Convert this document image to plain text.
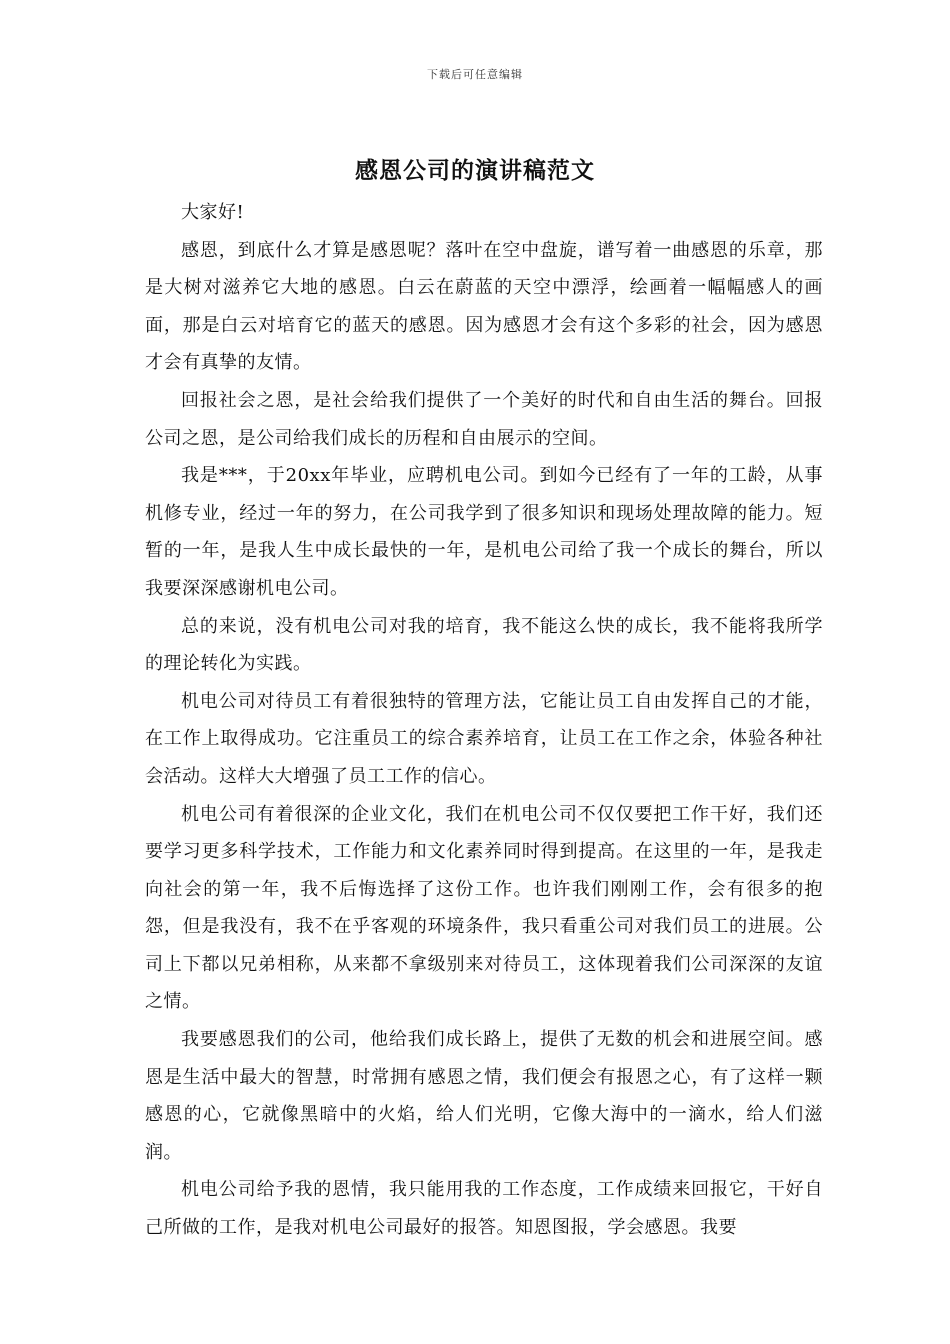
下载后可任意编辑
感恩公司的演讲稿范文

大家好!

感恩，到底什么才算是感恩呢？落叶在空中盘旋，谱写着一曲感恩的乐章，那是大树对滋养它大地的感恩。白云在蔚蓝的天空中漂浮，绘画着一幅幅感人的画面，那是白云对培育它的蓝天的感恩。因为感恩才会有这个多彩的社会，因为感恩才会有真挚的友情。

回报社会之恩，是社会给我们提供了一个美好的时代和自由生活的舞台。回报公司之恩，是公司给我们成长的历程和自由展示的空间。

我是***，于20xx年毕业，应聘机电公司。到如今已经有了一年的工龄，从事机修专业，经过一年的努力，在公司我学到了很多知识和现场处理故障的能力。短暂的一年，是我人生中成长最快的一年，是机电公司给了我一个成长的舞台，所以我要深深感谢机电公司。

总的来说，没有机电公司对我的培育，我不能这么快的成长，我不能将我所学的理论转化为实践。

机电公司对待员工有着很独特的管理方法，它能让员工自由发挥自己的才能，在工作上取得成功。它注重员工的综合素养培育，让员工在工作之余，体验各种社会活动。这样大大增强了员工工作的信心。

机电公司有着很深的企业文化，我们在机电公司不仅仅要把工作干好，我们还要学习更多科学技术，工作能力和文化素养同时得到提高。在这里的一年，是我走向社会的第一年，我不后悔选择了这份工作。也许我们刚刚工作，会有很多的抱怨，但是我没有，我不在乎客观的环境条件，我只看重公司对我们员工的进展。公司上下都以兄弟相称，从来都不拿级别来对待员工，这体现着我们公司深深的友谊之情。

我要感恩我们的公司，他给我们成长路上，提供了无数的机会和进展空间。感恩是生活中最大的智慧，时常拥有感恩之情，我们便会有报恩之心，有了这样一颗感恩的心，它就像黑暗中的火焰，给人们光明，它像大海中的一滴水，给人们滋润。

机电公司给予我的恩情，我只能用我的工作态度，工作成绩来回报它，干好自己所做的工作，是我对机电公司最好的报答。知恩图报，学会感恩。我要
